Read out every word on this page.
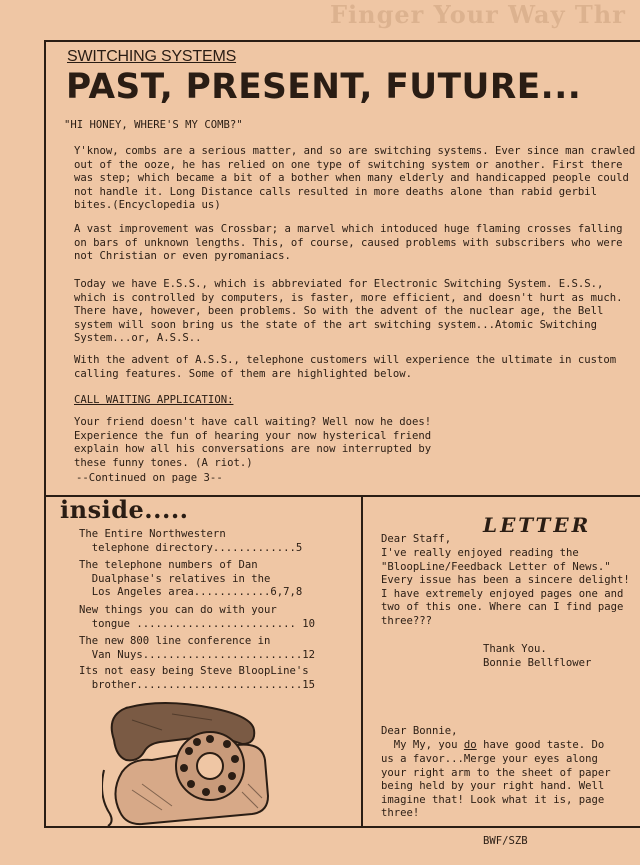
Finger Your Way Thr
SWITCHING SYSTEMS
PAST, PRESENT, FUTURE...

"HI HONEY, WHERE'S MY COMB?"

Y'know, combs are a serious matter, and so are switching systems. Ever since man crawled
out of the ooze, he has relied on one type of switching system or another. First there
was step; which became a bit of a bother when many elderly and handicapped people could
not handle it. Long Distance calls resulted in more deaths alone than rabid gerbil
bites.(Encyclopedia us)

A vast improvement was Crossbar; a marvel which intoduced huge flaming crosses falling
on bars of unknown lengths. This, of course, caused problems with subscribers who were
not Christian or even pyromaniacs.

Today we have E.S.S., which is abbreviated for Electronic Switching System. E.S.S.,
which is controlled by computers, is faster, more efficient, and doesn't hurt as much.
There have, however, been problems. So with the advent of the nuclear age, the Bell
system will soon bring us the state of the art switching system...Atomic Switching
System...or, A.S.S..

With the advent of A.S.S., telephone customers will experience the ultimate in custom
calling features. Some of them are highlighted below.

CALL WAITING APPLICATION:

Your friend doesn't have call waiting? Well now he does!
Experience the fun of hearing your now hysterical friend
explain how all his conversations are now interrupted by
these funny tones. (A riot.)

--Continued on page 3--

inside.....

The Entire Northwestern
telephone directory.............5

The telephone numbers of Dan
Dualphase's relatives in the
Los Angeles area............6,7,8

New things you can do with your
tongue ......................... 10

The new 800 line conference in
Van Nuys.........................12

Its not easy being Steve BloopLine's
brother..........................15

LETTER

Dear Staff,

I've really enjoyed reading the
"BloopLine/Feedback Letter of News."
Every issue has been a sincere delight!
I have extremely enjoyed pages one and
two of this one. Where can I find page
three???

Thank You.
Bonnie Bellflower

Dear Bonnie,

My My, you do have good taste. Do

us a favor...Merge your eyes along
your right arm to the sheet of paper
being held by your right hand. Well
imagine that! Look what it is, page
three!

BWF/SZB
